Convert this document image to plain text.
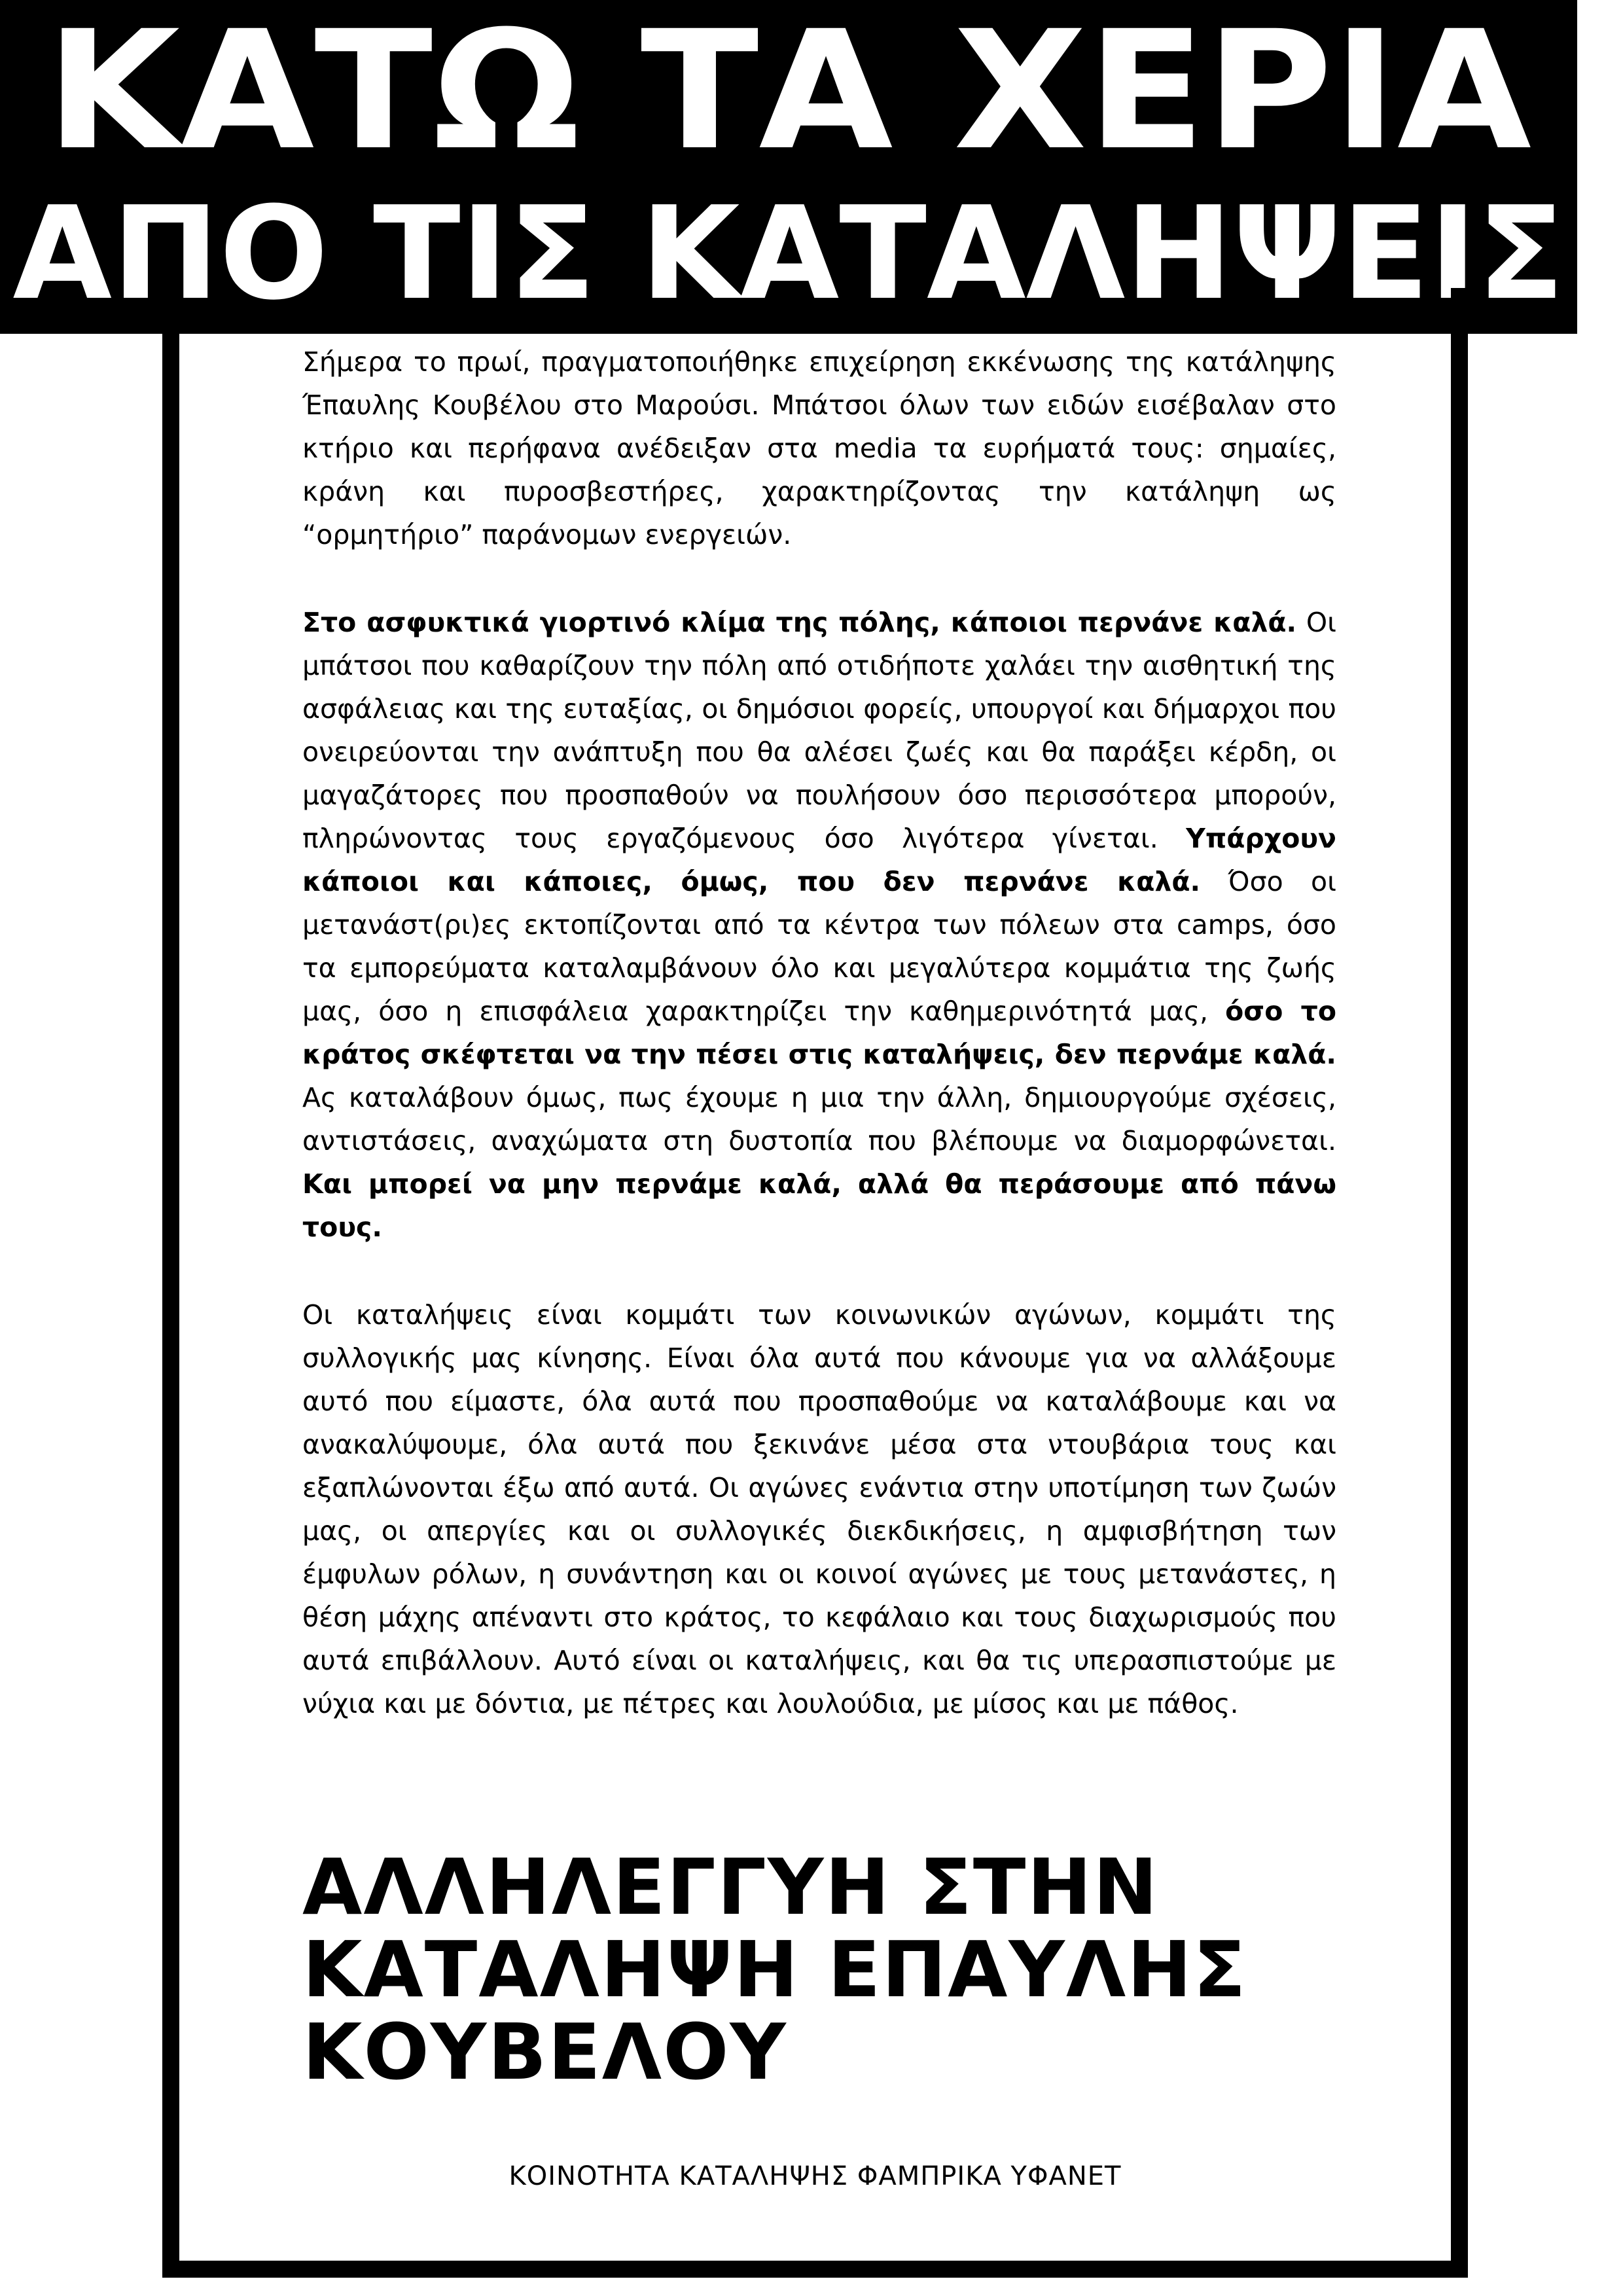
ΚΑΤΩ ΤΑ ΧΕΡΙΑ
ΑΠΟ ΤΙΣ ΚΑΤΑΛΗΨΕΙΣ

Σήμερα το πρωί, πραγματοποιήθηκε επιχείρηση εκκένωσης της κατάληψης Έπαυλης Κουβέλου στο Μαρούσι. Μπάτσοι όλων των ειδών εισέβαλαν στο κτήριο και περήφανα ανέδειξαν στα media τα ευρήματά τους: σημαίες, κράνη και πυροσβεστήρες, χαρακτηρίζοντας την κατάληψη ως “ορμητήριο” παράνομων ενεργειών.

Στο ασφυκτικά γιορτινό κλίμα της πόλης, κάποιοι περνάνε καλά. Οι μπάτσοι που καθαρίζουν την πόλη από οτιδήποτε χαλάει την αισθητική της ασφάλειας και της ευταξίας, οι δημόσιοι φορείς, υπουργοί και δήμαρχοι που ονειρεύονται την ανάπτυξη που θα αλέσει ζωές και θα παράξει κέρδη, οι μαγαζάτορες που προσπαθούν να πουλήσουν όσο περισσότερα μπορούν, πληρώνοντας τους εργαζόμενους όσο λιγότερα γίνεται. Υπάρχουν κάποιοι και κάποιες, όμως, που δεν περνάνε καλά. Όσο οι μετανάστ(ρι)ες εκτοπίζονται από τα κέντρα των πόλεων στα camps, όσο τα εμπορεύματα καταλαμβάνουν όλο και μεγαλύτερα κομμάτια της ζωής μας, όσο η επισφάλεια χαρακτηρίζει την καθημερινότητά μας, όσο το κράτος σκέφτεται να την πέσει στις καταλήψεις, δεν περνάμε καλά. Ας καταλάβουν όμως, πως έχουμε η μια την άλλη, δημιουργούμε σχέσεις, αντιστάσεις, αναχώματα στη δυστοπία που βλέπουμε να διαμορφώνεται. Και μπορεί να μην περνάμε καλά, αλλά θα περάσουμε από πάνω τους.

Οι καταλήψεις είναι κομμάτι των κοινωνικών αγώνων, κομμάτι της συλλογικής μας κίνησης. Είναι όλα αυτά που κάνουμε για να αλλάξουμε αυτό που είμαστε, όλα αυτά που προσπαθούμε να καταλάβουμε και να ανακαλύψουμε, όλα αυτά που ξεκινάνε μέσα στα ντουβάρια τους και εξαπλώνονται έξω από αυτά. Οι αγώνες ενάντια στην υποτίμηση των ζωών μας, οι απεργίες και οι συλλογικές διεκδικήσεις, η αμφισβήτηση των έμφυλων ρόλων, η συνάντηση και οι κοινοί αγώνες με τους μετανάστες, η θέση μάχης απέναντι στο κράτος, το κεφάλαιο και τους διαχωρισμούς που αυτά επιβάλλουν. Αυτό είναι οι καταλήψεις, και θα τις υπερασπιστούμε με νύχια και με δόντια, με πέτρες και λουλούδια, με μίσος και με πάθος.

ΑΛΛΗΛΕΓΓΥΗ ΣΤΗΝ
ΚΑΤΑΛΗΨΗ ΕΠΑΥΛΗΣ
ΚΟΥΒΕΛΟΥ
ΚΟΙΝΟΤΗΤΑ ΚΑΤΑΛΗΨΗΣ ΦΑΜΠΡΙΚΑ ΥΦΑΝΕΤ
